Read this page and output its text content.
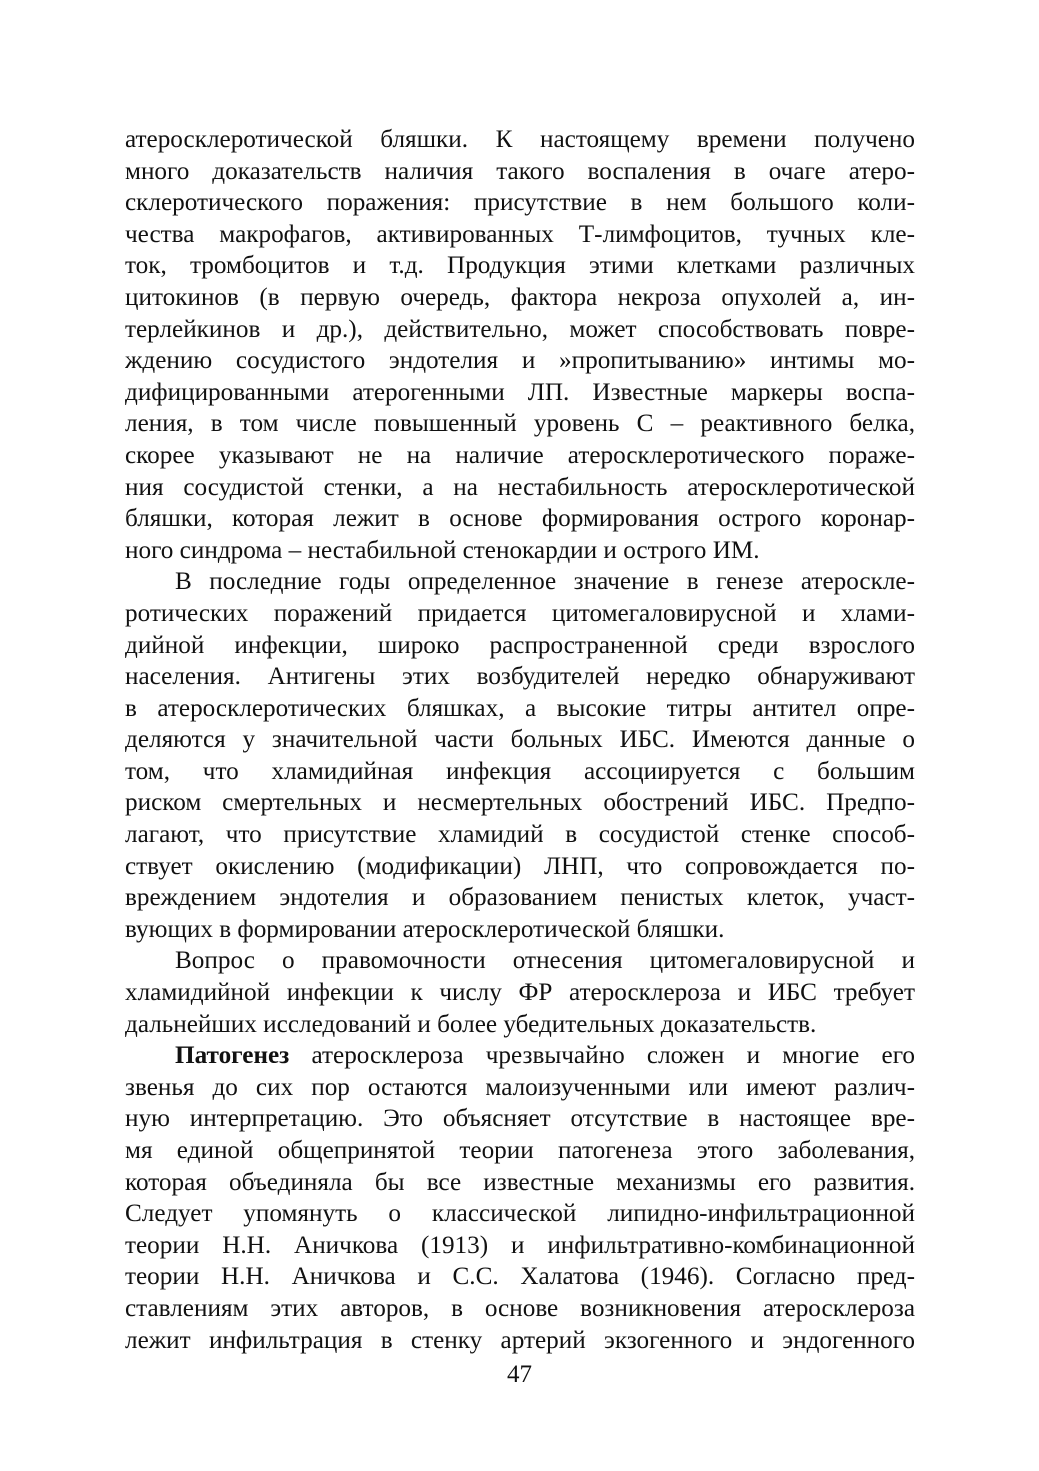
атеросклеротической бляшки. К настоящему времени получено
много доказательств наличия такого воспаления в очаге атеро-
склеротического поражения: присутствие в нем большого коли-
чества макрофагов, активированных Т-лимфоцитов, тучных кле-
ток, тромбоцитов и т.д. Продукция этими клетками различных
цитокинов (в первую очередь, фактора некроза опухолей а, ин-
терлейкинов и др.), действительно, может способствовать повре-
ждению сосудистого эндотелия и »пропитыванию» интимы мо-
дифицированными атерогенными ЛП. Известные маркеры воспа-
ления, в том числе повышенный уровень С – реактивного белка,
скорее указывают не на наличие атеросклеротического пораже-
ния сосудистой стенки, а на нестабильность атеросклеротической
бляшки, которая лежит в основе формирования острого коронар-
ного синдрома – нестабильной стенокардии и острого ИМ.
В последние годы определенное значение в генезе атероскле-
ротических поражений придается цитомегаловирусной и хлами-
дийной инфекции, широко распространенной среди взрослого
населения. Антигены этих возбудителей нередко обнаруживают
в атеросклеротических бляшках, а высокие титры антител опре-
деляются у значительной части больных ИБС. Имеются данные о
том, что хламидийная инфекция ассоциируется с большим
риском смертельных и несмертельных обострений ИБС. Предпо-
лагают, что присутствие хламидий в сосудистой стенке способ-
ствует окислению (модификации) ЛНП, что сопровождается по-
вреждением эндотелия и образованием пенистых клеток, участ-
вующих в формировании атеросклеротической бляшки.
Вопрос о правомочности отнесения цитомегаловирусной и
хламидийной инфекции к числу ФР атеросклероза и ИБС требует
дальнейших исследований и более убедительных доказательств.
Патогенез атеросклероза чрезвычайно сложен и многие его
звенья до сих пор остаются малоизученными или имеют различ-
ную интерпретацию. Это объясняет отсутствие в настоящее вре-
мя единой общепринятой теории патогенеза этого заболевания,
которая объединяла бы все известные механизмы его развития.
Следует упомянуть о классической липидно-инфильтрационной
теории Н.Н. Аничкова (1913) и инфильтративно-комбинационной
теории Н.Н. Аничкова и С.С. Халатова (1946). Согласно пред-
ставлениям этих авторов, в основе возникновения атеросклероза
лежит инфильтрация в стенку артерий экзогенного и эндогенного
47
